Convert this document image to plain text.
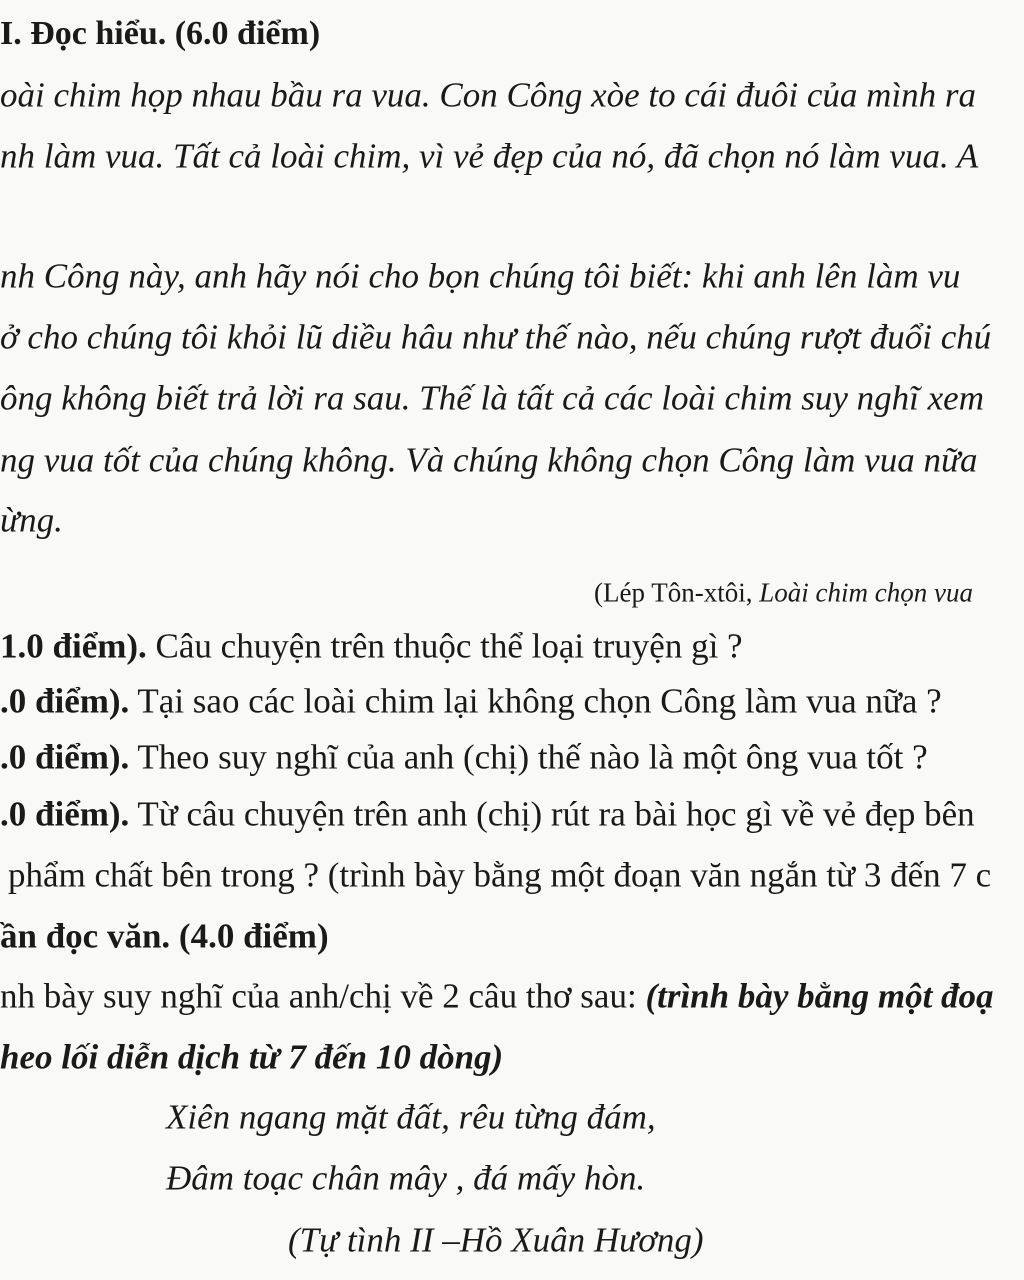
I. Đọc hiểu. (6.0 điểm)
oài chim họp nhau bầu ra vua. Con Công xòe to cái đuôi của mình ra
nh làm vua. Tất cả loài chim, vì vẻ đẹp của nó, đã chọn nó làm vua. A
nh Công này, anh hãy nói cho bọn chúng tôi biết: khi anh lên làm vu
ở cho chúng tôi khỏi lũ diều hâu như thế nào, nếu chúng rượt đuổi chú
ông không biết trả lời ra sau. Thế là tất cả các loài chim suy nghĩ xem
ng vua tốt của chúng không. Và chúng không chọn Công làm vua nữa
ừng.
(Lép Tôn-xtôi, Loài chim chọn vua
1.0 điểm). Câu chuyện trên thuộc thể loại truyện gì ?
.0 điểm). Tại sao các loài chim lại không chọn Công làm vua nữa ?
.0 điểm). Theo suy nghĩ của anh (chị) thế nào là một ông vua tốt ?
.0 điểm). Từ câu chuyện trên anh (chị) rút ra bài học gì về vẻ đẹp bên
phẩm chất bên trong ? (trình bày bằng một đoạn văn ngắn từ 3 đến 7 c
ần đọc văn. (4.0 điểm)
nh bày suy nghĩ của anh/chị về 2 câu thơ sau: (trình bày bằng một đoạ
heo lối diễn dịch từ 7 đến 10 dòng)
Xiên ngang mặt đất, rêu từng đám,
Đâm toạc chân mây , đá mấy hòn.
(Tự tình II –Hồ Xuân Hương)
